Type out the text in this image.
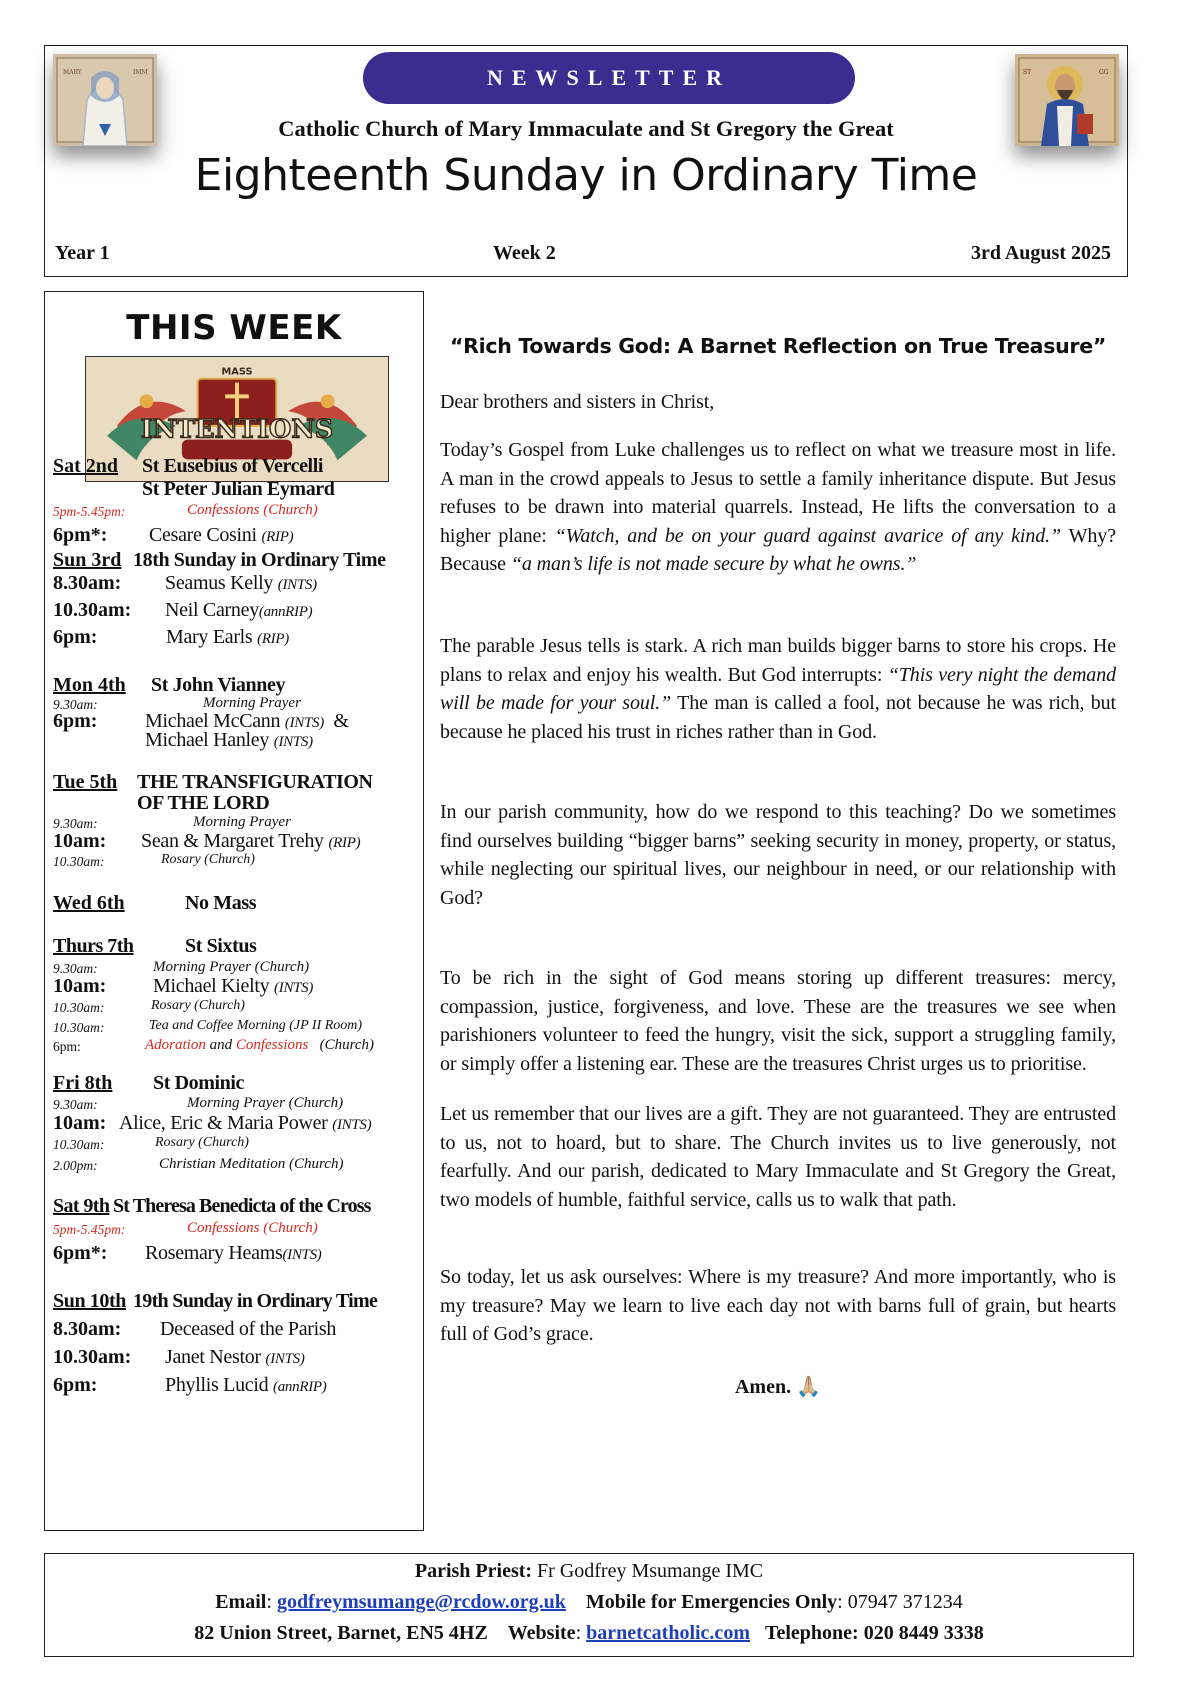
MARY	IMM	NEWSLETTER
Catholic Church of Mary Immaculate and St Gregory the Great
Eighteenth Sunday in Ordinary Time
Year 1	Week 2	3rd August 2025
ST	GG
THIS WEEK
MASS
INTENTIONS
Sat 2nd St Eusebius of Vercelli
St Peter Julian Eymard
5pm-5.45pm:	Confessions (Church)
6pm*: Cesare Cosini (RIP)
Sun 3rd 18th Sunday in Ordinary Time
8.30am: Seamus Kelly (INTS)
10.30am: Neil Carney(annRIP)
6pm:	Mary Earls (RIP)
Mon 4th St John Vianney
9.30am:	Morning Prayer
6pm: Michael McCann (INTS) &
Michael Hanley (INTS)
Tue 5th THE TRANSFIGURATION
OF THE LORD
9.30am:	Morning Prayer
10am: Sean & Margaret Trehy (RIP)
10.30am:	Rosary (Church)
Wed 6th	No Mass
Thurs 7th	St Sixtus
9.30am:	Morning Prayer (Church)
10am: Michael Kielty (INTS)
10.30am:	Rosary (Church)
10.30am:	Tea and Coffee Morning (JP II Room)
6pm:	Adoration and Confessions (Church)
Fri 8th St Dominic
9.30am:	Morning Prayer (Church)
10am: Alice, Eric & Maria Power (INTS)
10.30am:	Rosary (Church)
2.00pm:	Christian Meditation (Church)
Sat 9th St Theresa Benedicta of the Cross
5pm-5.45pm:	Confessions (Church)
6pm*: Rosemary Heams(INTS)
Sun 10th 19th Sunday in Ordinary Time
8.30am: Deceased of the Parish
10.30am: Janet Nestor (INTS)
6pm:	Phyllis Lucid (annRIP)
“Rich Towards God: A Barnet Reflection on True Treasure”
Dear brothers and sisters in Christ,
Today’s Gospel from Luke challenges us to reflect on what we treasure most in life. A man in the crowd appeals to Jesus to settle a family inheritance dispute. But Jesus refuses to be drawn into material quarrels. Instead, He lifts the conversation to a higher plane: “Watch, and be on your guard against avarice of any kind.” Why? Because “a man’s life is not made secure by what he owns.”
The parable Jesus tells is stark. A rich man builds bigger barns to store his crops. He plans to relax and enjoy his wealth. But God interrupts: “This very night the demand will be made for your soul.” The man is called a fool, not because he was rich, but because he placed his trust in riches rather than in God.
In our parish community, how do we respond to this teaching? Do we sometimes find ourselves building “bigger barns” seeking security in money, property, or status, while neglecting our spiritual lives, our neighbour in need, or our relationship with God?
To be rich in the sight of God means storing up different treasures: mercy, compassion, justice, forgiveness, and love. These are the treasures we see when parishioners volunteer to feed the hungry, visit the sick, support a struggling family, or simply offer a listening ear. These are the treasures Christ urges us to prioritise.
Let us remember that our lives are a gift. They are not guaranteed. They are entrusted to us, not to hoard, but to share. The Church invites us to live generously, not fearfully. And our parish, dedicated to Mary Immaculate and St Gregory the Great, two models of humble, faithful service, calls us to walk that path.
So today, let us ask ourselves: Where is my treasure? And more importantly, who is my treasure? May we learn to live each day not with barns full of grain, but hearts full of God’s grace.
Amen. 🙏🏼
Parish Priest: Fr Godfrey Msumange IMC
Email: godfreymsumange@rcdow.org.uk Mobile for Emergencies Only: 07947 371234
82 Union Street, Barnet, EN5 4HZ Website: barnetcatholic.com Telephone: 020 8449 3338
